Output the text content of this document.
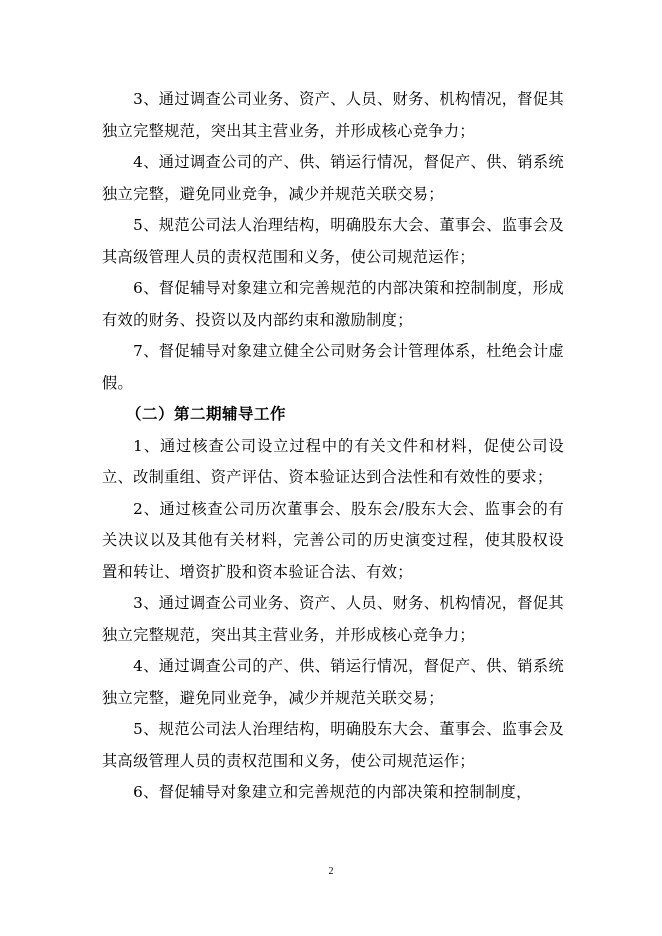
3、通过调查公司业务、资产、人员、财务、机构情况，督促其独立完整规范，突出其主营业务，并形成核心竞争力；

4、通过调查公司的产、供、销运行情况，督促产、供、销系统独立完整，避免同业竞争，减少并规范关联交易；

5、规范公司法人治理结构，明确股东大会、董事会、监事会及其高级管理人员的责权范围和义务，使公司规范运作；

6、督促辅导对象建立和完善规范的内部决策和控制制度，形成有效的财务、投资以及内部约束和激励制度；

7、督促辅导对象建立健全公司财务会计管理体系，杜绝会计虚假。

（二）第二期辅导工作

1、通过核查公司设立过程中的有关文件和材料，促使公司设立、改制重组、资产评估、资本验证达到合法性和有效性的要求；

2、通过核查公司历次董事会、股东会/股东大会、监事会的有关决议以及其他有关材料，完善公司的历史演变过程，使其股权设置和转让、增资扩股和资本验证合法、有效；

3、通过调查公司业务、资产、人员、财务、机构情况，督促其独立完整规范，突出其主营业务，并形成核心竞争力；

4、通过调查公司的产、供、销运行情况，督促产、供、销系统独立完整，避免同业竞争，减少并规范关联交易；

5、规范公司法人治理结构，明确股东大会、董事会、监事会及其高级管理人员的责权范围和义务，使公司规范运作；

6、督促辅导对象建立和完善规范的内部决策和控制制度，

2
